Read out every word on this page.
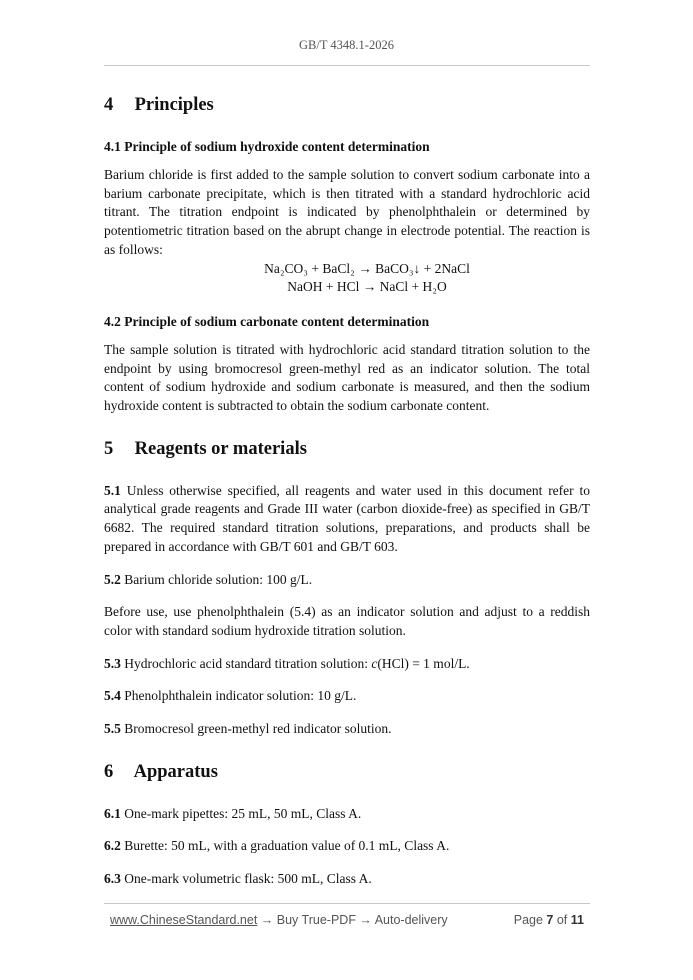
GB/T 4348.1-2026
4 Principles
4.1 Principle of sodium hydroxide content determination

Barium chloride is first added to the sample solution to convert sodium carbonate into a barium carbonate precipitate, which is then titrated with a standard hydrochloric acid titrant. The titration endpoint is indicated by phenolphthalein or determined by potentiometric titration based on the abrupt change in electrode potential. The reaction is as follows:

Na₂CO₃ + BaCl₂ → BaCO₃↓ + 2NaCl
NaOH + HCl → NaCl + H₂O
4.2 Principle of sodium carbonate content determination

The sample solution is titrated with hydrochloric acid standard titration solution to the endpoint by using bromocresol green-methyl red as an indicator solution. The total content of sodium hydroxide and sodium carbonate is measured, and then the sodium hydroxide content is subtracted to obtain the sodium carbonate content.

5 Reagents or materials

5.1 Unless otherwise specified, all reagents and water used in this document refer to analytical grade reagents and Grade III water (carbon dioxide-free) as specified in GB/T 6682. The required standard titration solutions, preparations, and products shall be prepared in accordance with GB/T 601 and GB/T 603.

5.2 Barium chloride solution: 100 g/L.

Before use, use phenolphthalein (5.4) as an indicator solution and adjust to a reddish color with standard sodium hydroxide titration solution.

5.3 Hydrochloric acid standard titration solution: c(HCl) = 1 mol/L.

5.4 Phenolphthalein indicator solution: 10 g/L.

5.5 Bromocresol green-methyl red indicator solution.

6 Apparatus

6.1 One-mark pipettes: 25 mL, 50 mL, Class A.

6.2 Burette: 50 mL, with a graduation value of 0.1 mL, Class A.

6.3 One-mark volumetric flask: 500 mL, Class A.

www.ChineseStandard.net → Buy True-PDF → Auto-delivery	Page 7 of 11
